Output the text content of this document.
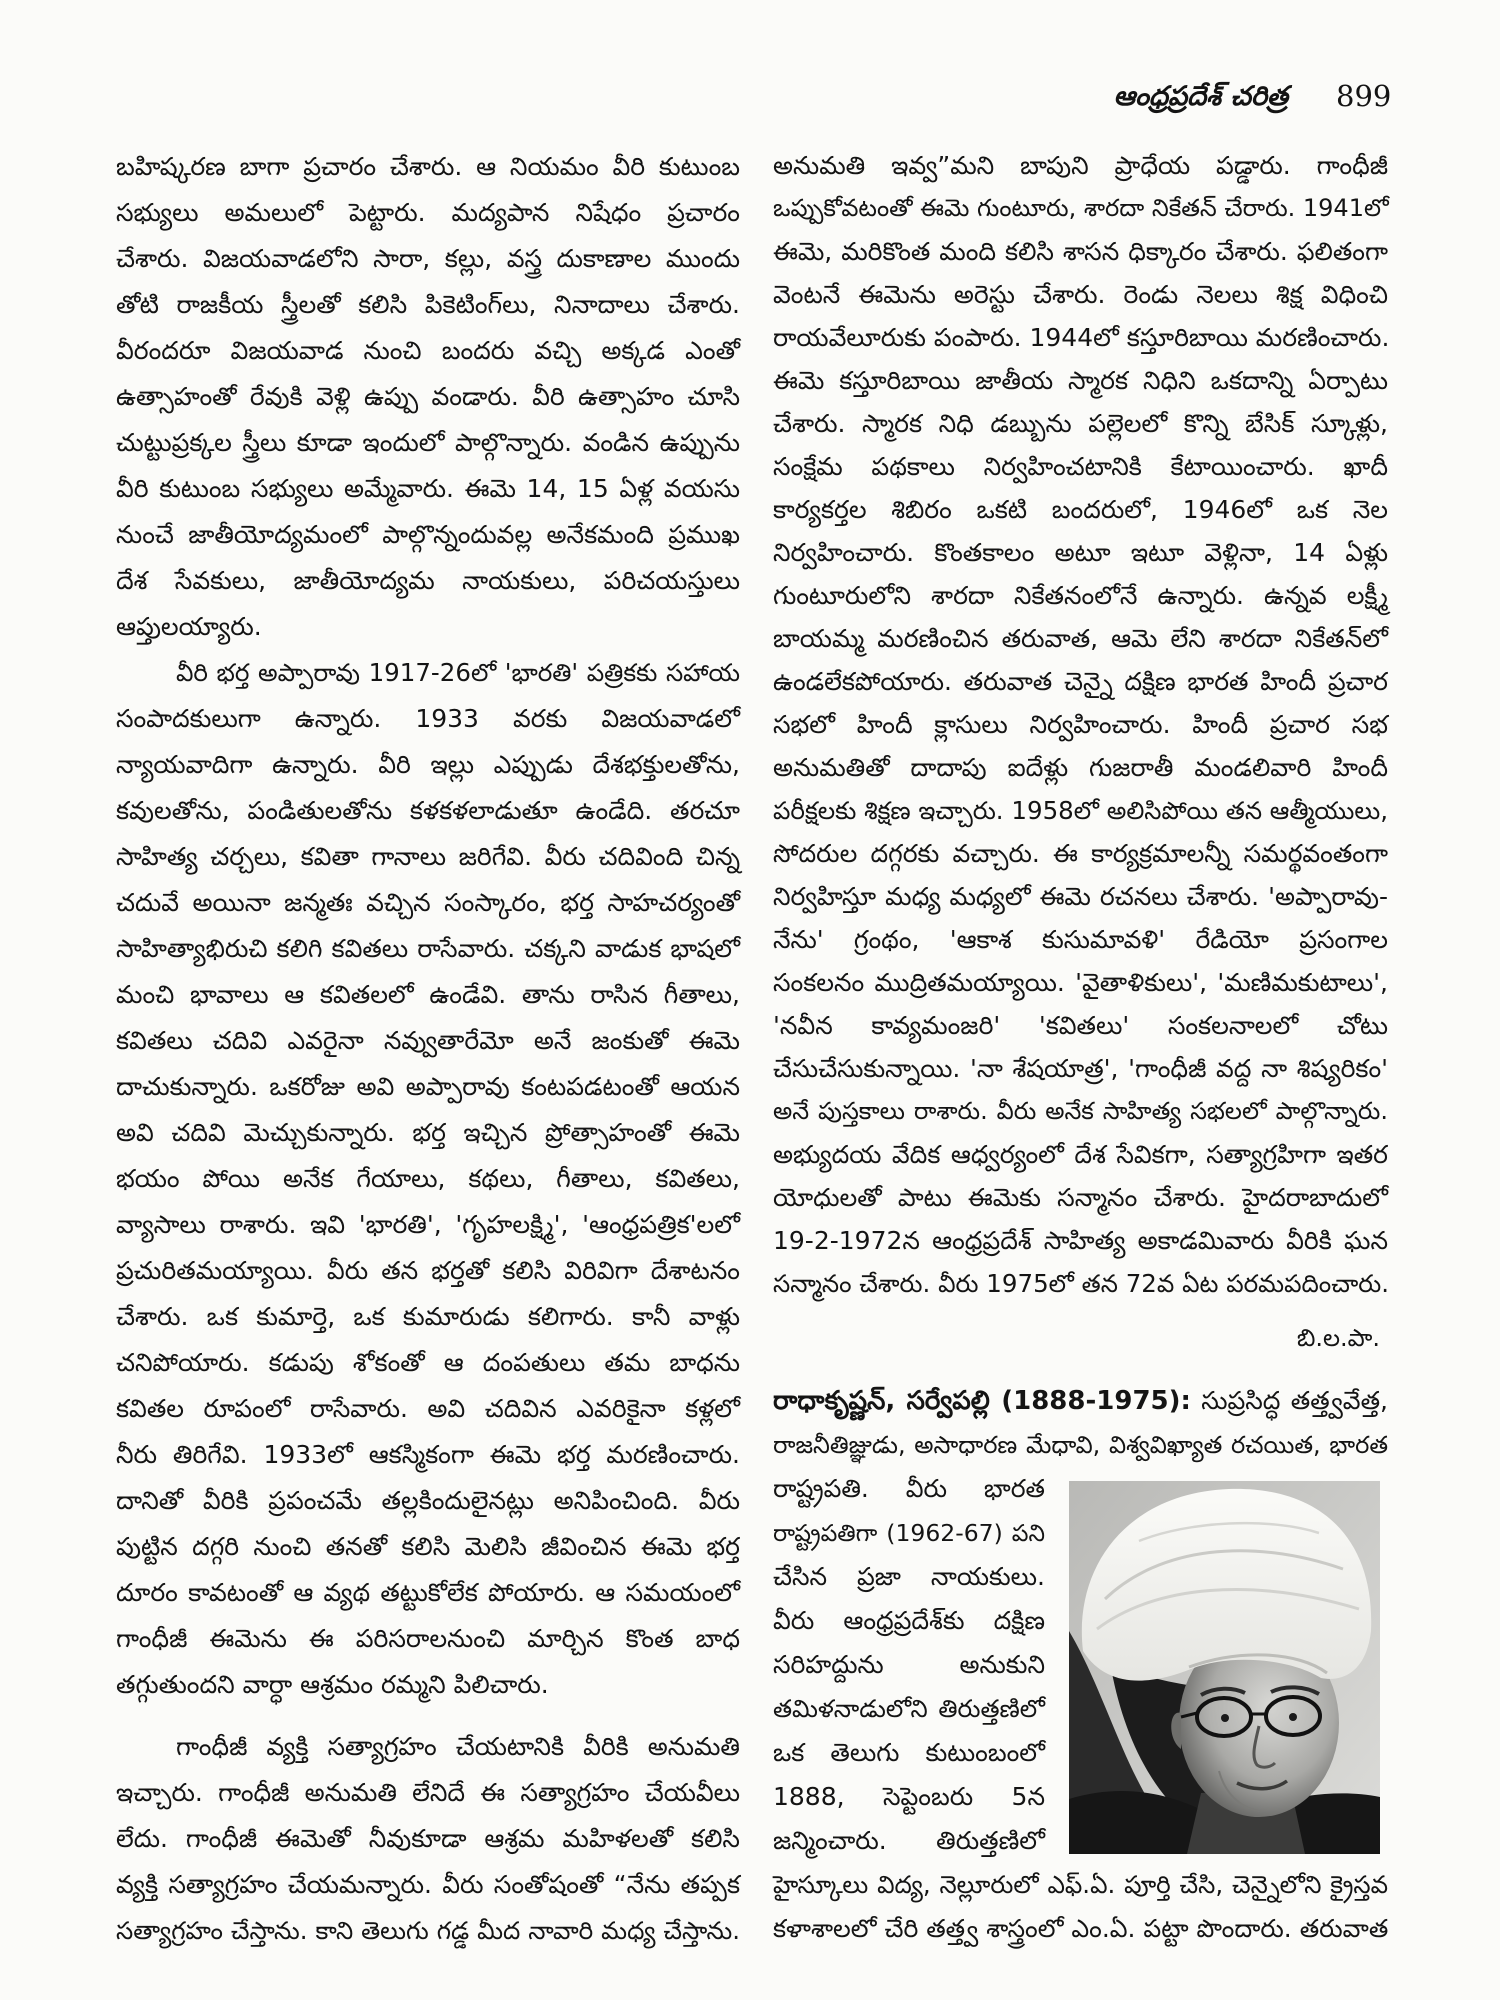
ఆంధ్రప్రదేశ్ చరిత్ర 899
బహిష్కరణ బాగా ప్రచారం చేశారు. ఆ నియమం వీరి కుటుంబ
సభ్యులు అమలులో పెట్టారు. మద్యపాన నిషేధం ప్రచారం
చేశారు. విజయవాడలోని సారా, కల్లు, వస్త్ర దుకాణాల ముందు
తోటి రాజకీయ స్త్రీలతో కలిసి పికెటింగ్‌లు, నినాదాలు చేశారు.
వీరందరూ విజయవాడ నుంచి బందరు వచ్చి అక్కడ ఎంతో
ఉత్సాహంతో రేవుకి వెళ్లి ఉప్పు వండారు. వీరి ఉత్సాహం చూసి
చుట్టుప్రక్కల స్త్రీలు కూడా ఇందులో పాల్గొన్నారు. వండిన ఉప్పును
వీరి కుటుంబ సభ్యులు అమ్మేవారు. ఈమె 14, 15 ఏళ్ల వయసు
నుంచే జాతీయోద్యమంలో పాల్గొన్నందువల్ల అనేకమంది ప్రముఖ
దేశ సేవకులు, జాతీయోద్యమ నాయకులు, పరిచయస్తులు
ఆప్తులయ్యారు.
వీరి భర్త అప్పారావు 1917-26లో 'భారతి' పత్రికకు సహాయ
సంపాదకులుగా ఉన్నారు. 1933 వరకు విజయవాడలో
న్యాయవాదిగా ఉన్నారు. వీరి ఇల్లు ఎప్పుడు దేశభక్తులతోను,
కవులతోను, పండితులతోను కళకళలాడుతూ ఉండేది. తరచూ
సాహిత్య చర్చలు, కవితా గానాలు జరిగేవి. వీరు చదివింది చిన్న
చదువే అయినా జన్మతః వచ్చిన సంస్కారం, భర్త సాహచర్యంతో
సాహిత్యాభిరుచి కలిగి కవితలు రాసేవారు. చక్కని వాడుక భాషలో
మంచి భావాలు ఆ కవితలలో ఉండేవి. తాను రాసిన గీతాలు,
కవితలు చదివి ఎవరైనా నవ్వుతారేమో అనే జంకుతో ఈమె
దాచుకున్నారు. ఒకరోజు అవి అప్పారావు కంటపడటంతో ఆయన
అవి చదివి మెచ్చుకున్నారు. భర్త ఇచ్చిన ప్రోత్సాహంతో ఈమె
భయం పోయి అనేక గేయాలు, కథలు, గీతాలు, కవితలు,
వ్యాసాలు రాశారు. ఇవి 'భారతి', 'గృహలక్ష్మి', 'ఆంధ్రపత్రిక'లలో
ప్రచురితమయ్యాయి. వీరు తన భర్తతో కలిసి విరివిగా దేశాటనం
చేశారు. ఒక కుమార్తె, ఒక కుమారుడు కలిగారు. కానీ వాళ్లు
చనిపోయారు. కడుపు శోకంతో ఆ దంపతులు తమ బాధను
కవితల రూపంలో రాసేవారు. అవి చదివిన ఎవరికైనా కళ్లలో
నీరు తిరిగేవి. 1933లో ఆకస్మికంగా ఈమె భర్త మరణించారు.
దానితో వీరికి ప్రపంచమే తల్లకిందులైనట్లు అనిపించింది. వీరు
పుట్టిన దగ్గరి నుంచి తనతో కలిసి మెలిసి జీవించిన ఈమె భర్త
దూరం కావటంతో ఆ వ్యథ తట్టుకోలేక పోయారు. ఆ సమయంలో
గాంధీజీ ఈమెను ఈ పరిసరాలనుంచి మార్చిన కొంత బాధ
తగ్గుతుందని వార్ధా ఆశ్రమం రమ్మని పిలిచారు.
గాంధీజీ వ్యక్తి సత్యాగ్రహం చేయటానికి వీరికి అనుమతి
ఇచ్చారు. గాంధీజీ అనుమతి లేనిదే ఈ సత్యాగ్రహం చేయవీలు
లేదు. గాంధీజీ ఈమెతో నీవుకూడా ఆశ్రమ మహిళలతో కలిసి
వ్యక్తి సత్యాగ్రహం చేయమన్నారు. వీరు సంతోషంతో “నేను తప్పక
సత్యాగ్రహం చేస్తాను. కాని తెలుగు గడ్డ మీద నావారి మధ్య చేస్తాను.
అనుమతి ఇవ్వ”మని బాపుని ప్రాధేయ పడ్డారు. గాంధీజీ
ఒప్పుకోవటంతో ఈమె గుంటూరు, శారదా నికేతన్ చేరారు. 1941లో
ఈమె, మరికొంత మంది కలిసి శాసన ధిక్కారం చేశారు. ఫలితంగా
వెంటనే ఈమెను అరెస్టు చేశారు. రెండు నెలలు శిక్ష విధించి
రాయవేలూరుకు పంపారు. 1944లో కస్తూరిబాయి మరణించారు.
ఈమె కస్తూరిబాయి జాతీయ స్మారక నిధిని ఒకదాన్ని ఏర్పాటు
చేశారు. స్మారక నిధి డబ్బును పల్లెలలో కొన్ని బేసిక్ స్కూళ్లు,
సంక్షేమ పథకాలు నిర్వహించటానికి కేటాయించారు. ఖాదీ
కార్యకర్తల శిబిరం ఒకటి బందరులో, 1946లో ఒక నెల
నిర్వహించారు. కొంతకాలం అటూ ఇటూ వెళ్లినా, 14 ఏళ్లు
గుంటూరులోని శారదా నికేతనంలోనే ఉన్నారు. ఉన్నవ లక్ష్మీ
బాయమ్మ మరణించిన తరువాత, ఆమె లేని శారదా నికేతన్‌లో
ఉండలేకపోయారు. తరువాత చెన్నై దక్షిణ భారత హిందీ ప్రచార
సభలో హిందీ క్లాసులు నిర్వహించారు. హిందీ ప్రచార సభ
అనుమతితో దాదాపు ఐదేళ్లు గుజరాతీ మండలివారి హిందీ
పరీక్షలకు శిక్షణ ఇచ్చారు. 1958లో అలిసిపోయి తన ఆత్మీయులు,
సోదరుల దగ్గరకు వచ్చారు. ఈ కార్యక్రమాలన్నీ సమర్థవంతంగా
నిర్వహిస్తూ మధ్య మధ్యలో ఈమె రచనలు చేశారు. 'అప్పారావు-
నేను' గ్రంథం, 'ఆకాశ కుసుమావళి' రేడియో ప్రసంగాల
సంకలనం ముద్రితమయ్యాయి. 'వైతాళికులు', 'మణిమకుటాలు',
'నవీన కావ్యమంజరి' 'కవితలు' సంకలనాలలో చోటు
చేసుచేసుకున్నాయి. 'నా శేషయాత్ర', 'గాంధీజీ వద్ద నా శిష్యరికం'
అనే పుస్తకాలు రాశారు. వీరు అనేక సాహిత్య సభలలో పాల్గొన్నారు.
అభ్యుదయ వేదిక ఆధ్వర్యంలో దేశ సేవికగా, సత్యాగ్రహిగా ఇతర
యోధులతో పాటు ఈమెకు సన్మానం చేశారు. హైదరాబాదులో
19-2-1972న ఆంధ్రప్రదేశ్ సాహిత్య అకాడమివారు వీరికి ఘన
సన్మానం చేశారు. వీరు 1975లో తన 72వ ఏట పరమపదించారు.
బి.ల.పా.
రాధాకృష్ణన్, సర్వేపల్లి (1888-1975): సుప్రసిద్ధ తత్త్వవేత్త,
రాజనీతిజ్ఞుడు, అసాధారణ మేధావి, విశ్వవిఖ్యాత రచయిత, భారత
రాష్ట్రపతి. వీరు భారత
రాష్ట్రపతిగా (1962-67) పని
చేసిన ప్రజా నాయకులు.
వీరు ఆంధ్రప్రదేశ్‌కు దక్షిణ
సరిహద్దును అనుకుని
తమిళనాడులోని తిరుత్తణిలో
ఒక తెలుగు కుటుంబంలో
1888, సెప్టెంబరు 5న
జన్మించారు. తిరుత్తణిలో
హైస్కూలు విద్య, నెల్లూరులో ఎఫ్.ఏ. పూర్తి చేసి, చెన్నైలోని క్రైస్తవ
కళాశాలలో చేరి తత్త్వ శాస్త్రంలో ఎం.ఏ. పట్టా పొందారు. తరువాత
